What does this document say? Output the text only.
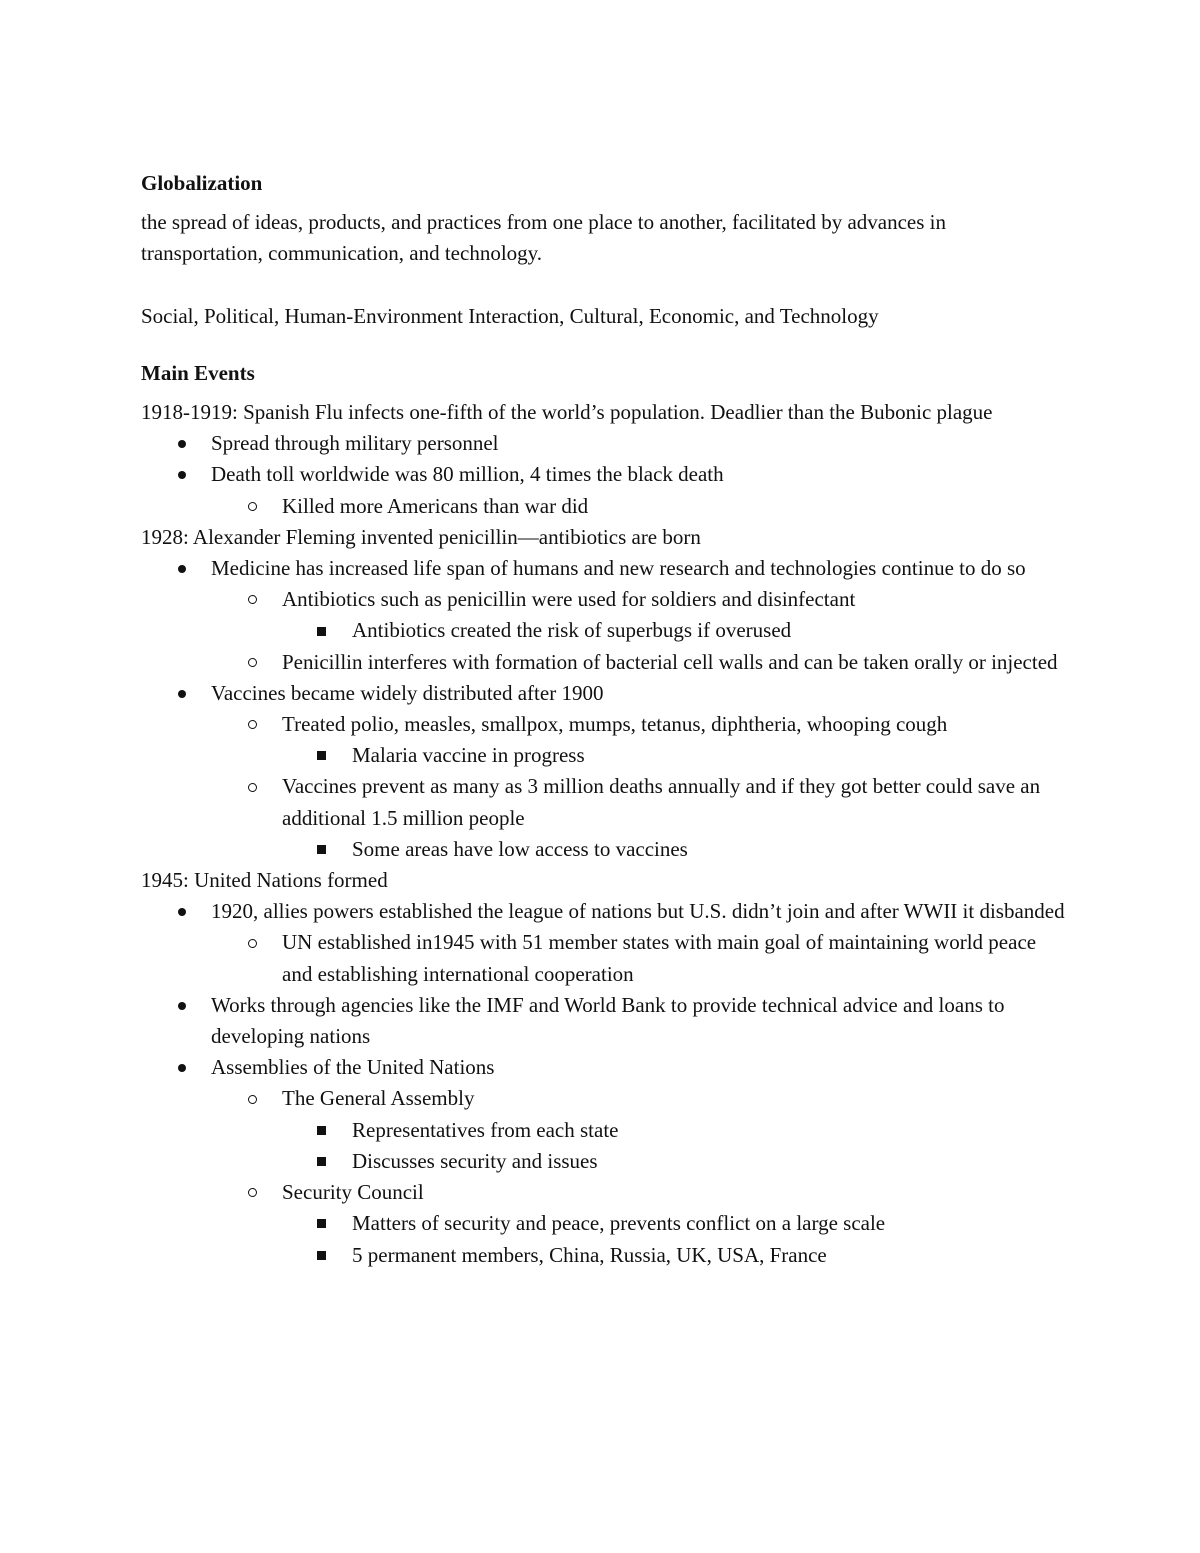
Globalization

the spread of ideas, products, and practices from one place to another, facilitated by advances in transportation, communication, and technology.

Social, Political, Human-Environment Interaction, Cultural, Economic, and Technology

Main Events

1918-1919: Spanish Flu infects one-fifth of the world’s population. Deadlier than the Bubonic plague

Spread through military personnel
Death toll worldwide was 80 million, 4 times the black death
Killed more Americans than war did

1928: Alexander Fleming invented penicillin—antibiotics are born

Medicine has increased life span of humans and new research and technologies continue to do so
Antibiotics such as penicillin were used for soldiers and disinfectant
Antibiotics created the risk of superbugs if overused
Penicillin interferes with formation of bacterial cell walls and can be taken orally or injected
Vaccines became widely distributed after 1900
Treated polio, measles, smallpox, mumps, tetanus, diphtheria, whooping cough
Malaria vaccine in progress
Vaccines prevent as many as 3 million deaths annually and if they got better could save an additional 1.5 million people
Some areas have low access to vaccines

1945: United Nations formed

1920, allies powers established the league of nations but U.S. didn’t join and after WWII it disbanded
UN established in1945 with 51 member states with main goal of maintaining world peace and establishing international cooperation
Works through agencies like the IMF and World Bank to provide technical advice and loans to developing nations
Assemblies of the United Nations
The General Assembly
Representatives from each state
Discusses security and issues
Security Council
Matters of security and peace, prevents conflict on a large scale
5 permanent members, China, Russia, UK, USA, France
